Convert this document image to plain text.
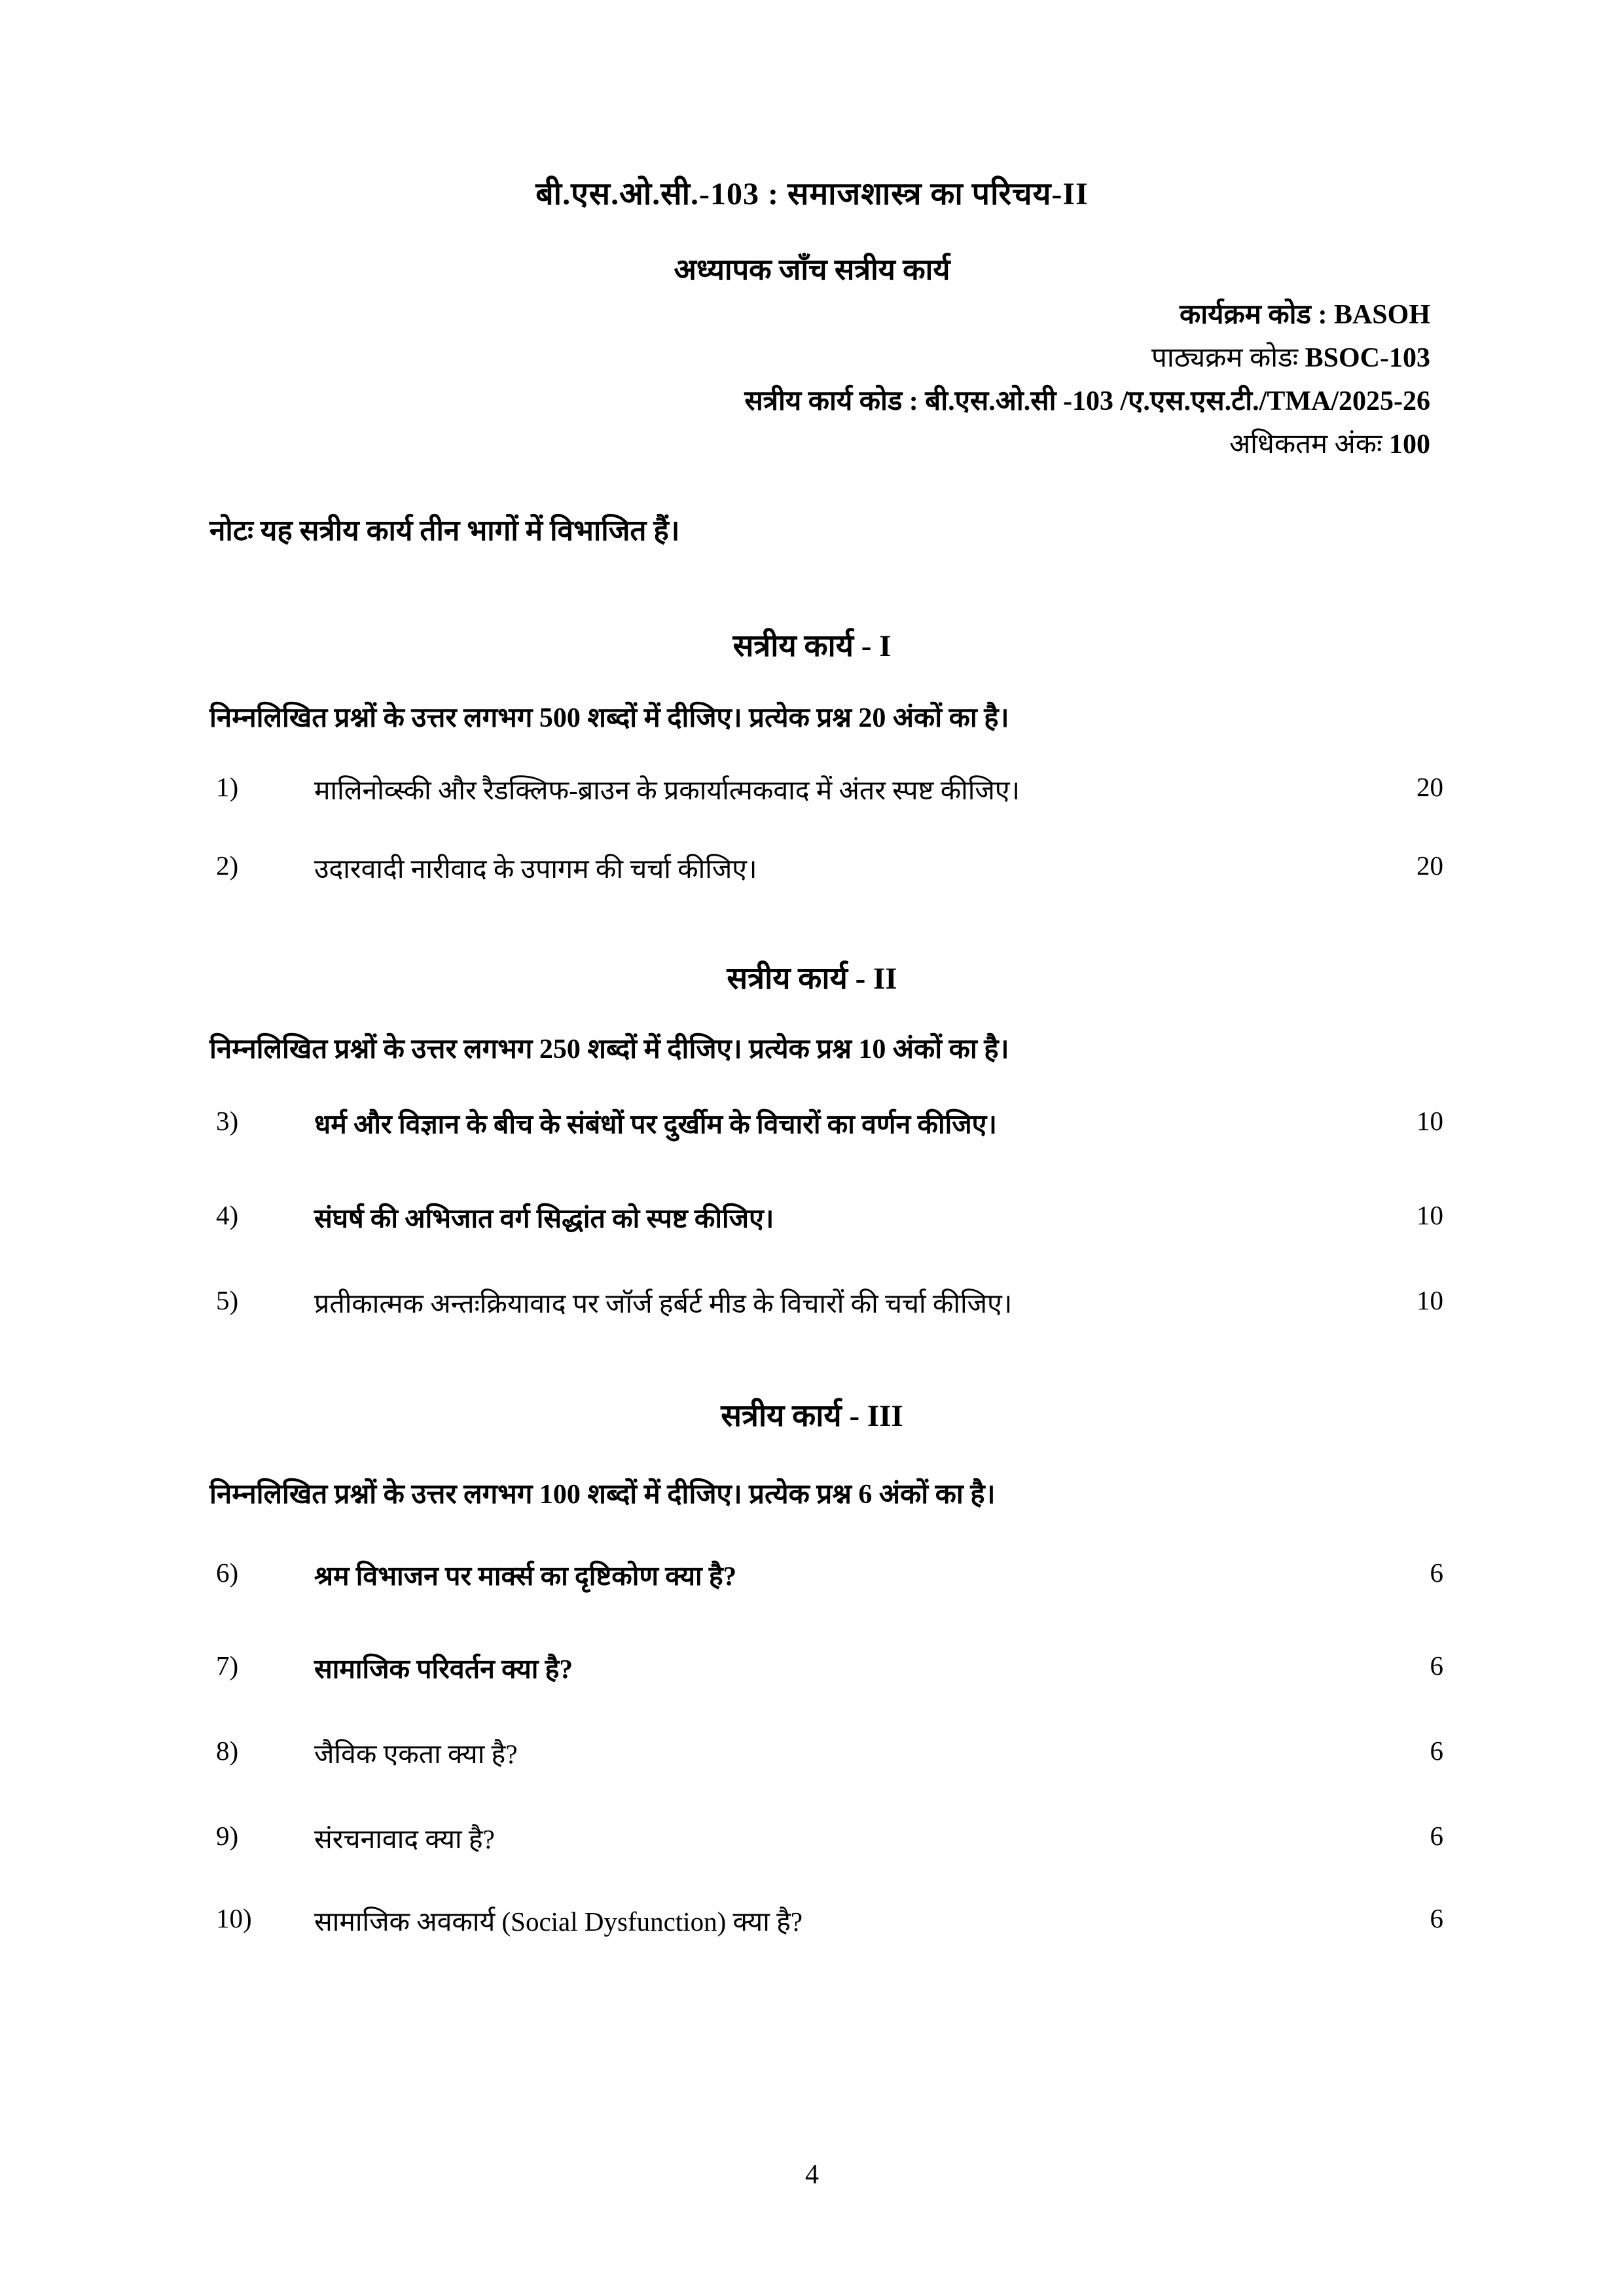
बी.एस.ओ.सी.-103 : समाजशास्त्र का परिचय-II
अध्यापक जाँच सत्रीय कार्य
कार्यक्रम कोड : BASOH
पाठ्यक्रम कोडः BSOC-103
सत्रीय कार्य कोड : बी.एस.ओ.सी -103 /ए.एस.एस.टी./TMA/2025-26
अधिकतम अंकः 100
नोटः यह सत्रीय कार्य तीन भागों में विभाजित हैं।
सत्रीय कार्य - I
निम्नलिखित प्रश्नों के उत्तर लगभग 500 शब्दों में दीजिए। प्रत्येक प्रश्न 20 अंकों का है।
1)	मालिनोव्स्की और रैडक्लिफ-ब्राउन के प्रकार्यात्मकवाद में अंतर स्पष्ट कीजिए।	20
2)	उदारवादी नारीवाद के उपागम की चर्चा कीजिए।	20
सत्रीय कार्य - II
निम्नलिखित प्रश्नों के उत्तर लगभग 250 शब्दों में दीजिए। प्रत्येक प्रश्न 10 अंकों का है।
3)	धर्म और विज्ञान के बीच के संबंधों पर दुर्खीम के विचारों का वर्णन कीजिए।	10
4)	संघर्ष की अभिजात वर्ग सिद्धांत को स्पष्ट कीजिए।	10
5)	प्रतीकात्मक अन्तःक्रियावाद पर जॉर्ज हर्बर्ट मीड के विचारों की चर्चा कीजिए।	10
सत्रीय कार्य - III
निम्नलिखित प्रश्नों के उत्तर लगभग 100 शब्दों में दीजिए। प्रत्येक प्रश्न 6 अंकों का है।
6)	श्रम विभाजन पर मार्क्स का दृष्टिकोण क्या है?	6
7)	सामाजिक परिवर्तन क्या है?	6
8)	जैविक एकता क्या है?	6
9)	संरचनावाद क्या है?	6
10)	सामाजिक अवकार्य (Social Dysfunction) क्या है?	6
4
